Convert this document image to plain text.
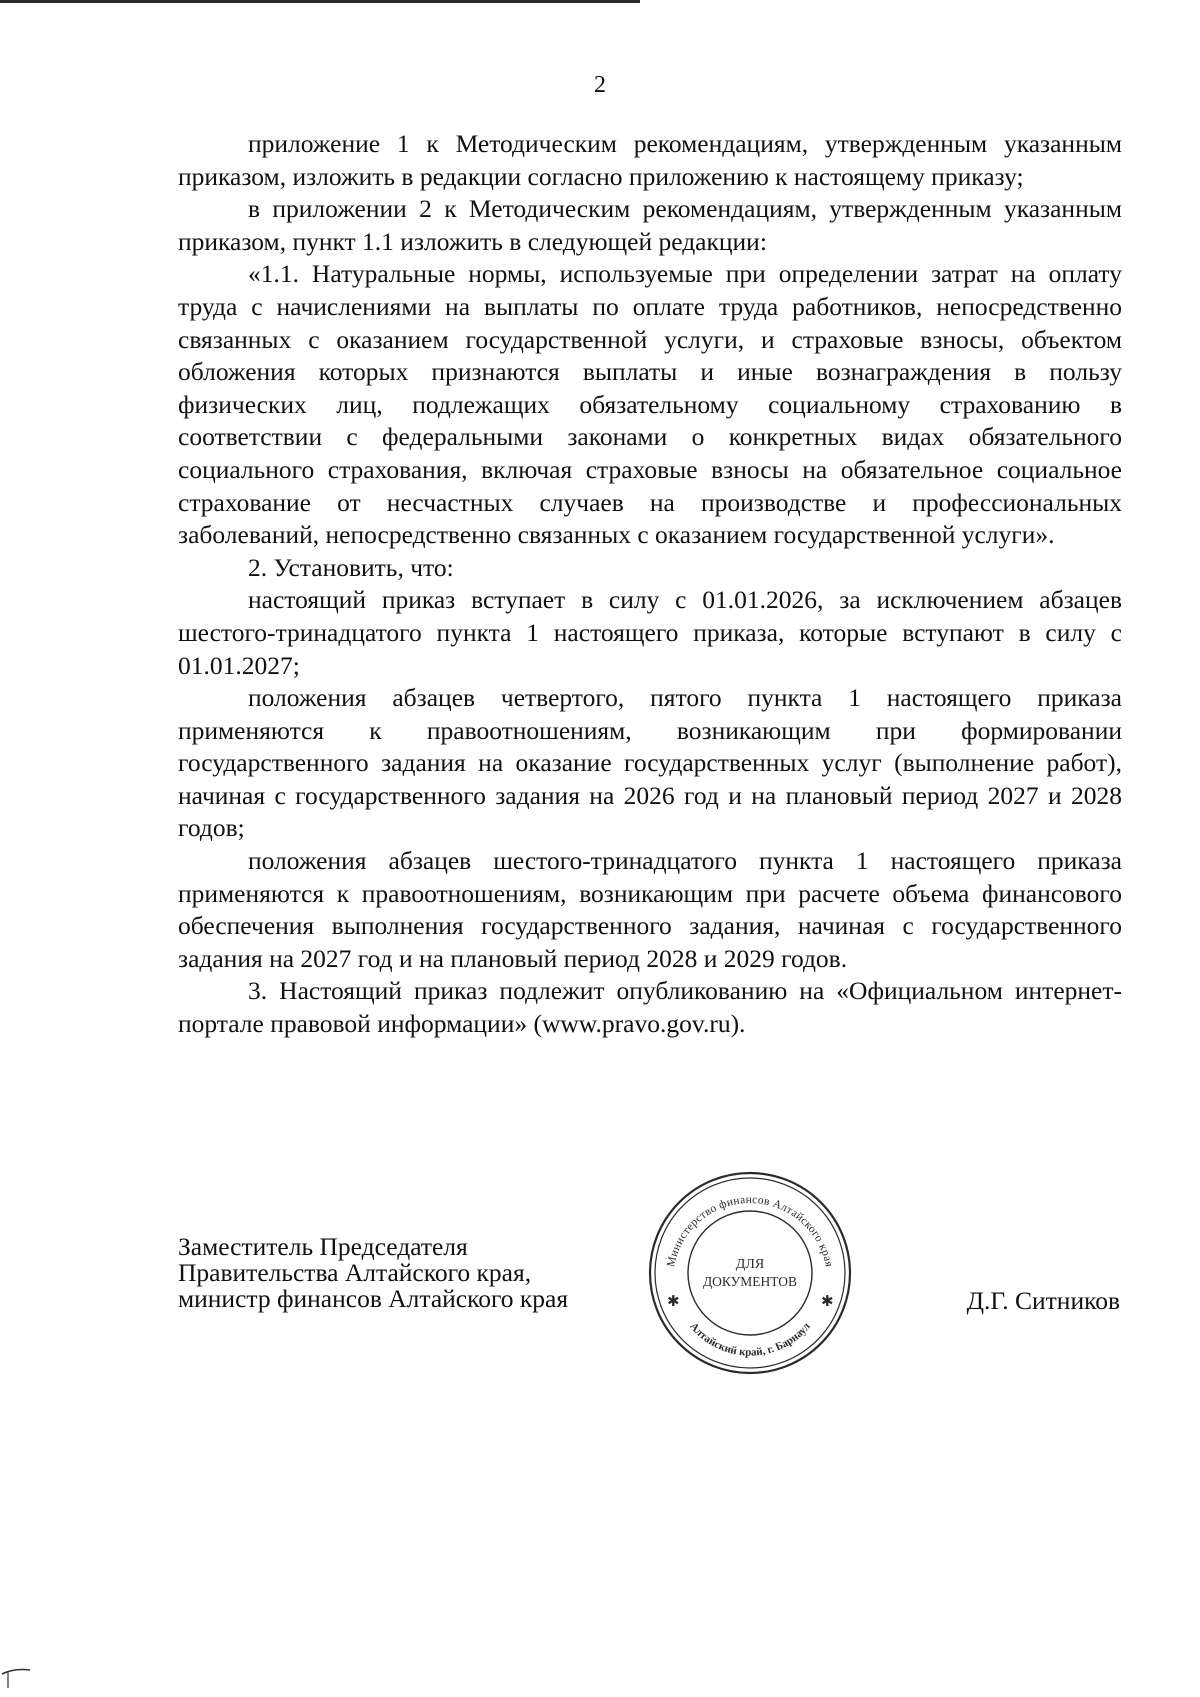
2

приложение 1 к Методическим рекомендациям, утвержденным указанным приказом, изложить в редакции согласно приложению к настоящему приказу;

в приложении 2 к Методическим рекомендациям, утвержденным указанным приказом, пункт 1.1 изложить в следующей редакции:

«1.1. Натуральные нормы, используемые при определении затрат на оплату труда с начислениями на выплаты по оплате труда работников, непосредственно связанных с оказанием государственной услуги, и страховые взносы, объектом обложения которых признаются выплаты и иные вознаграждения в пользу физических лиц, подлежащих обязательному социальному страхованию в соответствии с федеральными законами о конкретных видах обязательного социального страхования, включая страховые взносы на обязательное социальное страхование от несчастных случаев на производстве и профессиональных заболеваний, непосредственно связанных с оказанием государственной услуги».

2. Установить, что:

настоящий приказ вступает в силу с 01.01.2026, за исключением абзацев шестого-тринадцатого пункта 1 настоящего приказа, которые вступают в силу с 01.01.2027;

положения абзацев четвертого, пятого пункта 1 настоящего приказа применяются к правоотношениям, возникающим при формировании государственного задания на оказание государственных услуг (выполнение работ), начиная с государственного задания на 2026 год и на плановый период 2027 и 2028 годов;

положения абзацев шестого-тринадцатого пункта 1 настоящего приказа применяются к правоотношениям, возникающим при расчете объема финансового обеспечения выполнения государственного задания, начиная с государственного задания на 2027 год и на плановый период 2028 и 2029 годов.

3. Настоящий приказ подлежит опубликованию на «Официальном интернет-портале правовой информации» (www.pravo.gov.ru).

Заместитель Председателя
Правительства Алтайского края,
министр финансов Алтайского края
Министерство финансов Алтайского края
Алтайский край, г. Барнаул
✱	✱
ДЛЯ
ДОКУМЕНТОВ
Д.Г. Ситников
